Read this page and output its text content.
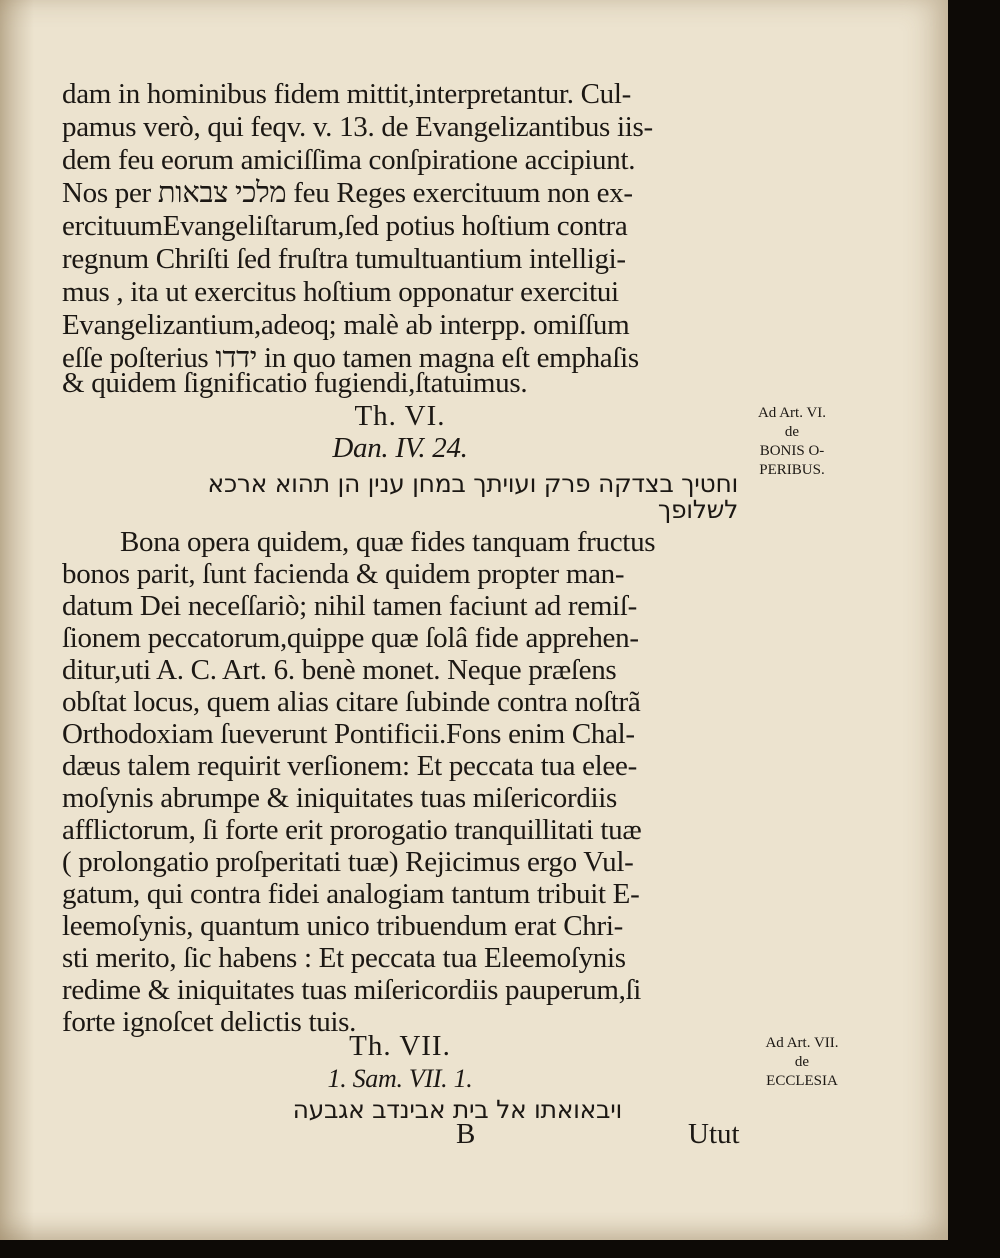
dam in hominibus fidem mittit,interpretantur. Cul-
pamus verò, qui feqv. v. 13. de Evangelizantibus iis-
dem feu eorum amiciſſima conſpiratione accipiunt.
Nos per מלכי צבאות feu Reges exercituum non ex-
ercituumEvangeliſtarum,ſed potius hoſtium contra
regnum Chriſti ſed fruſtra tumultuantium intelligi-
mus , ita ut exercitus hoſtium opponatur exercitui
Evangelizantium,adeoq; malè ab interpp. omiſſum
eſſe poſterius ידדו in quo tamen magna eſt emphaſis
& quidem ſignificatio fugiendi,ſtatuimus.
Th. VI.
Dan. IV. 24.
וחטיך בצדקה פרק ועויתך במחן ענין הן תהוא ארכא
לשלופך
Ad Art. VI.
de
BONIS O-
PERIBUS.
Bona opera quidem, quæ fides tanquam fructus
bonos parit, ſunt facienda & quidem propter man-
datum Dei neceſſariò; nihil tamen faciunt ad remiſ-
ſionem peccatorum,quippe quæ ſolâ fide apprehen-
ditur,uti A. C. Art. 6. benè monet. Neque præſens
obſtat locus, quem alias citare ſubinde contra noſtrã
Orthodoxiam ſueverunt Pontificii.Fons enim Chal-
dæus talem requirit verſionem: Et peccata tua elee-
moſynis abrumpe & iniquitates tuas miſericordiis
afflictorum, ſi forte erit prorogatio tranquillitati tuæ
( prolongatio proſperitati tuæ) Rejicimus ergo Vul-
gatum, qui contra fidei analogiam tantum tribuit E-
leemoſynis, quantum unico tribuendum erat Chri-
sti merito, ſic habens : Et peccata tua Eleemoſynis
redime & iniquitates tuas miſericordiis pauperum,ſi
forte ignoſcet delictis tuis.
Th. VII.
1. Sam. VII. 1.
ויבאואתו אל בית אבינדב אגבעה
Ad Art. VII.
de
ECCLESIA
B	Utut
